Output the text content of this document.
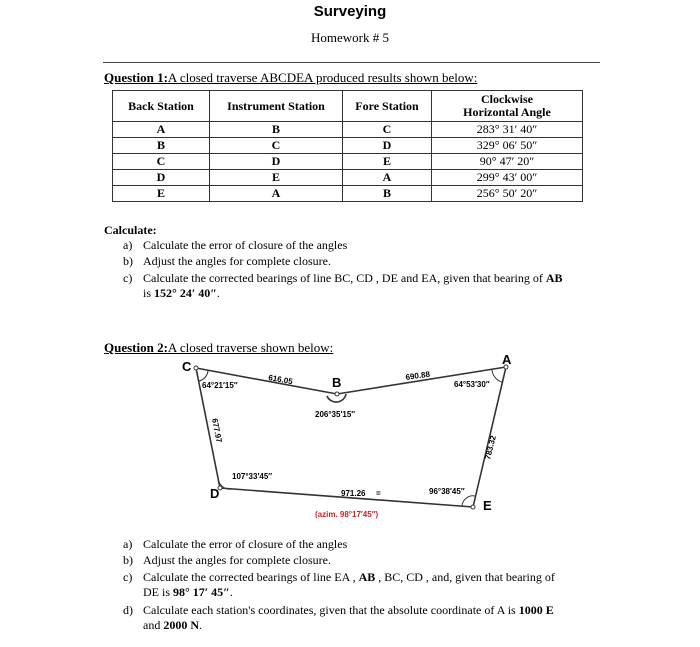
Surveying
Homework # 5
Question 1:A closed traverse ABCDEA produced results shown below:
Back Station	Instrument Station	Fore Station	Clockwise
Horizontal Angle
A	B	C	283° 31′ 40″
B	C	D	329° 06′ 50″
C	D	E	90° 47′ 20″
D	E	A	299° 43′ 00″
E	A	B	256° 50′ 20″
Calculate:
a) Calculate the error of closure of the angles
b) Adjust the angles for complete closure.
c) Calculate the corrected bearings of line BC, CD , DE and EA, given that bearing of AB
is 152° 24′ 40″.
Question 2:A closed traverse shown below:
C
B
A
D
E
64°21′15″
206°35′15″
64°53′30″
107°33′45″
96°38′45″
616.05	690.88
783.32
971.26 =
677.97
(azim. 98°17′45″)
a) Calculate the error of closure of the angles
b) Adjust the angles for complete closure.
c) Calculate the corrected bearings of line EA , AB , BC, CD , and, given that bearing of
DE is 98° 17′ 45″.
d) Calculate each station's coordinates, given that the absolute coordinate of A is 1000 E
and 2000 N.
